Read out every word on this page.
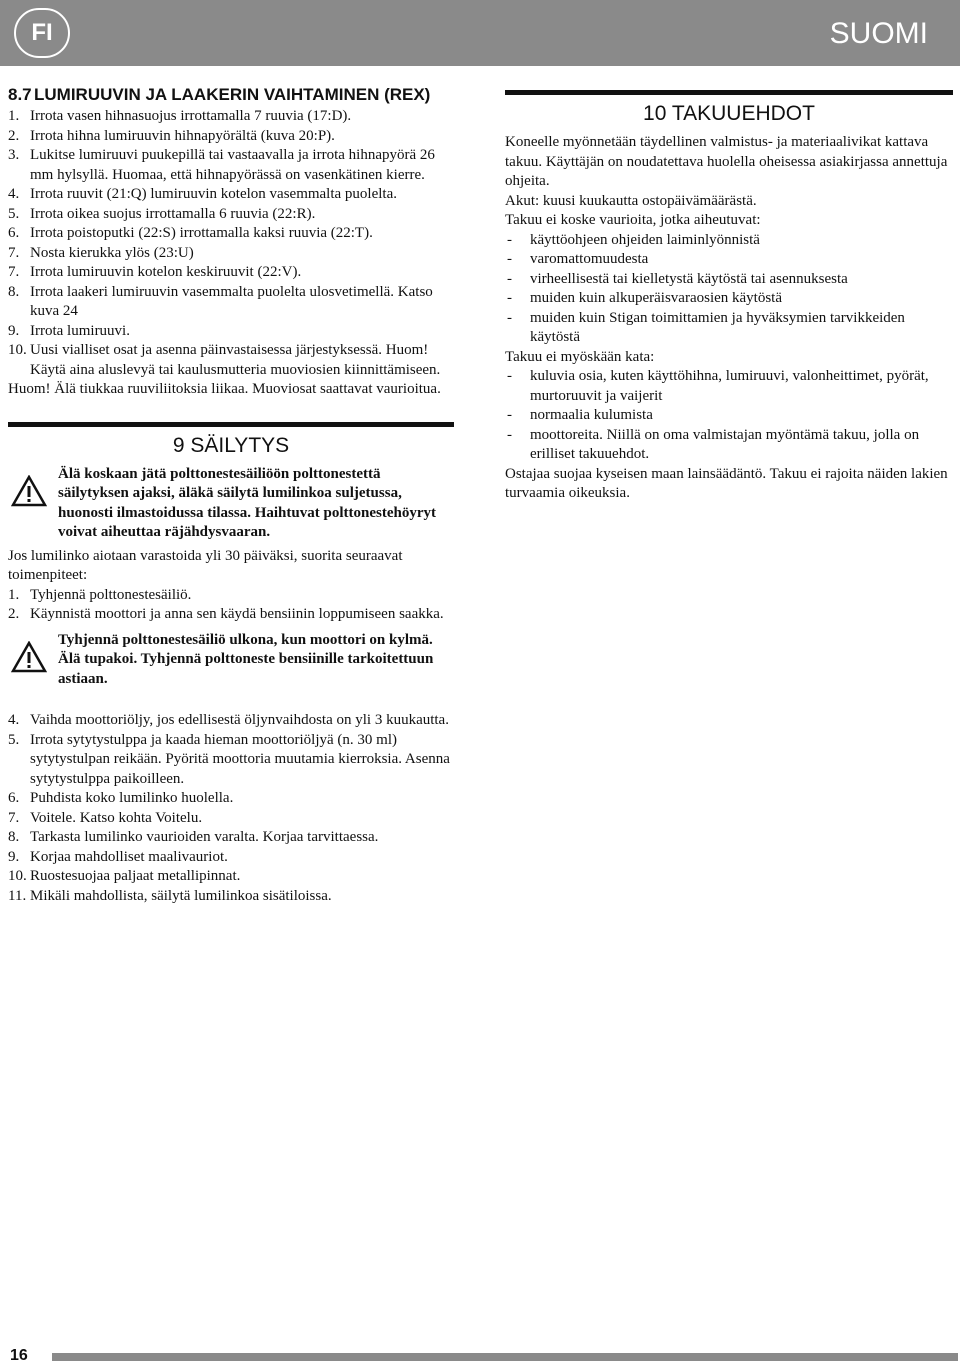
FI	SUOMI
8.7 LUMIRUUVIN JA LAAKERIN VAIHTAMINEN (REX)
1. Irrota vasen hihnasuojus irrottamalla 7 ruuvia (17:D).
2. Irrota hihna lumiruuvin hihnapyörältä (kuva 20:P).
3. Lukitse lumiruuvi puukepillä tai vastaavalla ja irrota hihnapyörä 26 mm hylsyllä. Huomaa, että hihnapyörässä on vasenkätinen kierre.
4. Irrota ruuvit (21:Q) lumiruuvin kotelon vasemmalta puolelta.
5. Irrota oikea suojus irrottamalla 6 ruuvia (22:R).
6. Irrota poistoputki (22:S) irrottamalla kaksi ruuvia (22:T).
7. Nosta kierukka ylös (23:U)
7. Irrota lumiruuvin kotelon keskiruuvit (22:V).
8. Irrota laakeri lumiruuvin vasemmalta puolelta ulosvetimellä. Katso kuva 24
9. Irrota lumiruuvi.
10. Uusi vialliset osat ja asenna päinvastaisessa järjestyksessä. Huom! Käytä aina aluslevyä tai kaulusmutteria muoviosien kiinnittämiseen.

Huom! Älä tiukkaa ruuviliitoksia liikaa. Muoviosat saattavat vaurioitua.

9 SÄILYTYS
Älä koskaan jätä polttonestesäiliöön polttonestettä säilytyksen ajaksi, äläkä säilytä lumilinkoa suljetussa, huonosti ilmastoidussa tilassa. Haihtuvat polttonestehöyryt voivat aiheuttaa räjähdysvaaran.

Jos lumilinko aiotaan varastoida yli 30 päiväksi, suorita seuraavat toimenpiteet:

1. Tyhjennä polttonestesäiliö.
2. Käynnistä moottori ja anna sen käydä bensiinin loppumiseen saakka.
Tyhjennä polttonestesäiliö ulkona, kun moottori on kylmä. Älä tupakoi. Tyhjennä polttoneste bensiinille tarkoitettuun astiaan.
4. Vaihda moottoriöljy, jos edellisestä öljynvaihdosta on yli 3 kuukautta.
5. Irrota sytytystulppa ja kaada hieman moottoriöljyä (n. 30 ml) sytytystulpan reikään. Pyöritä moottoria muutamia kierroksia. Asenna sytytystulppa paikoilleen.
6. Puhdista koko lumilinko huolella.
7. Voitele. Katso kohta Voitelu.
8. Tarkasta lumilinko vaurioiden varalta. Korjaa tarvittaessa.
9. Korjaa mahdolliset maalivauriot.
10. Ruostesuojaa paljaat metallipinnat.
11. Mikäli mahdollista, säilytä lumilinkoa sisätiloissa.
10 TAKUUEHDOT

Koneelle myönnetään täydellinen valmistus- ja materiaalivikat kattava takuu. Käyttäjän on noudatettava huolella oheisessa asiakirjassa annettuja ohjeita.

Akut: kuusi kuukautta ostopäivämäärästä.

Takuu ei koske vaurioita, jotka aiheutuvat:

- käyttöohjeen ohjeiden laiminlyönnistä
- varomattomuudesta
- virheellisestä tai kielletystä käytöstä tai asennuksesta
- muiden kuin alkuperäisvaraosien käytöstä
- muiden kuin Stigan toimittamien ja hyväksymien tarvikkeiden käytöstä

Takuu ei myöskään kata:

- kuluvia osia, kuten käyttöhihna, lumiruuvi, valonheittimet, pyörät, murtoruuvit ja vaijerit
- normaalia kulumista
- moottoreita. Niillä on oma valmistajan myöntämä takuu, jolla on erilliset takuuehdot.

Ostajaa suojaa kyseisen maan lainsäädäntö. Takuu ei rajoita näiden lakien turvaamia oikeuksia.

16
